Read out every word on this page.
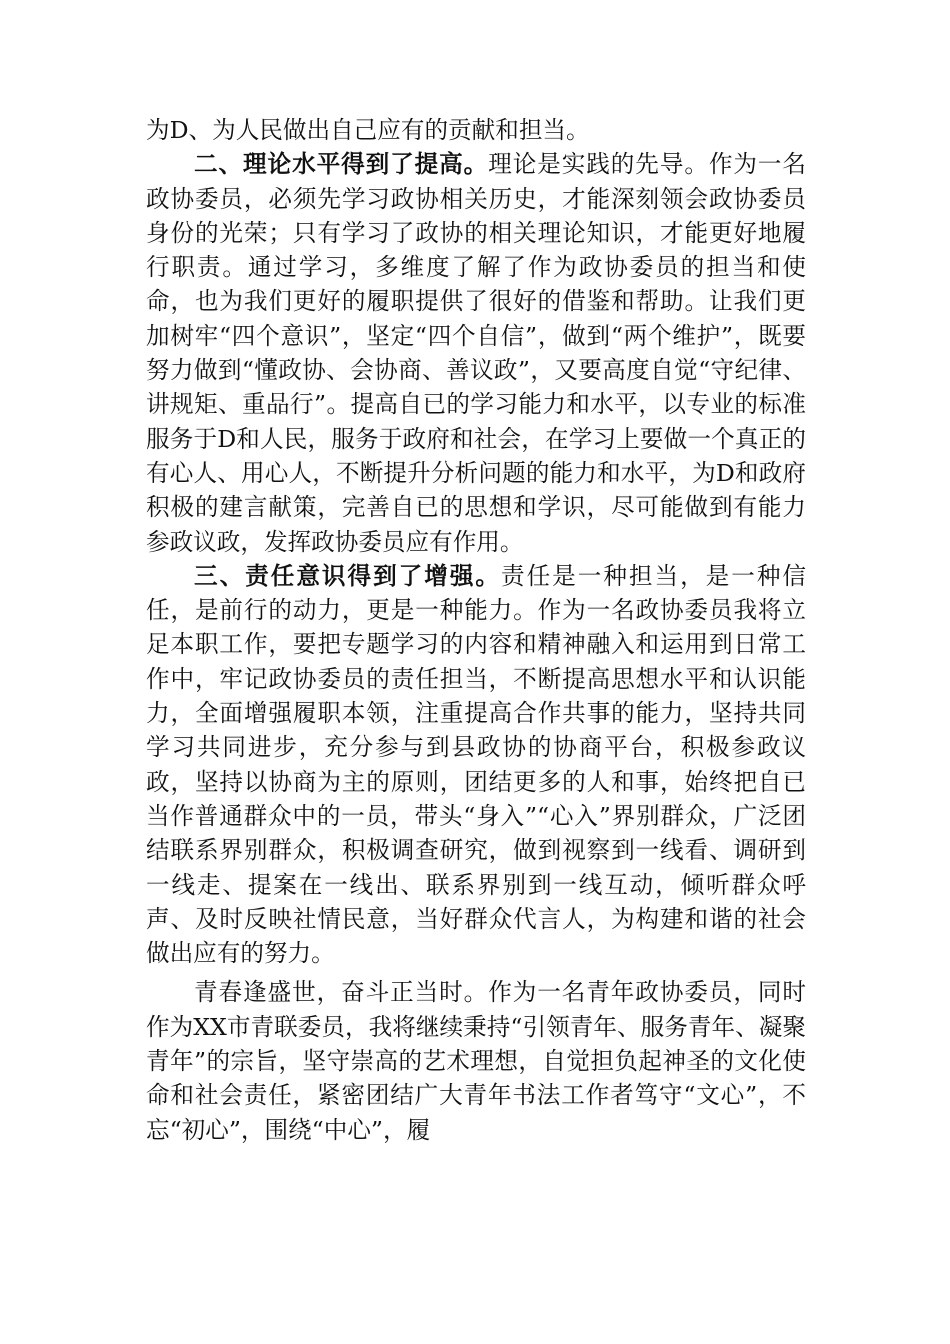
为D、为人民做出自己应有的贡献和担当。

二、理论水平得到了提高。理论是实践的先导。作为一名政协委员，必须先学习政协相关历史，才能深刻领会政协委员身份的光荣；只有学习了政协的相关理论知识，才能更好地履行职责。通过学习，多维度了解了作为政协委员的担当和使命，也为我们更好的履职提供了很好的借鉴和帮助。让我们更加树牢“四个意识”，坚定“四个自信”，做到“两个维护”，既要努力做到“懂政协、会协商、善议政”，又要高度自觉“守纪律、讲规矩、重品行”。提高自已的学习能力和水平，以专业的标准服务于D和人民，服务于政府和社会，在学习上要做一个真正的有心人、用心人，不断提升分析问题的能力和水平，为D和政府积极的建言献策，完善自已的思想和学识，尽可能做到有能力参政议政，发挥政协委员应有作用。

三、责任意识得到了增强。责任是一种担当，是一种信任，是前行的动力，更是一种能力。作为一名政协委员我将立足本职工作，要把专题学习的内容和精神融入和运用到日常工作中，牢记政协委员的责任担当，不断提高思想水平和认识能力，全面增强履职本领，注重提高合作共事的能力，坚持共同学习共同进步，充分参与到县政协的协商平台，积极参政议政，坚持以协商为主的原则，团结更多的人和事，始终把自已当作普通群众中的一员，带头“身入”“心入”界别群众，广泛团结联系界别群众，积极调查研究，做到视察到一线看、调研到一线走、提案在一线出、联系界别到一线互动，倾听群众呼声、及时反映社情民意，当好群众代言人，为构建和谐的社会做出应有的努力。

青春逢盛世，奋斗正当时。作为一名青年政协委员，同时作为XX市青联委员，我将继续秉持“引领青年、服务青年、凝聚青年”的宗旨，坚守崇高的艺术理想，自觉担负起神圣的文化使命和社会责任，紧密团结广大青年书法工作者笃守“文心”，不忘“初心”，围绕“中心”，履
